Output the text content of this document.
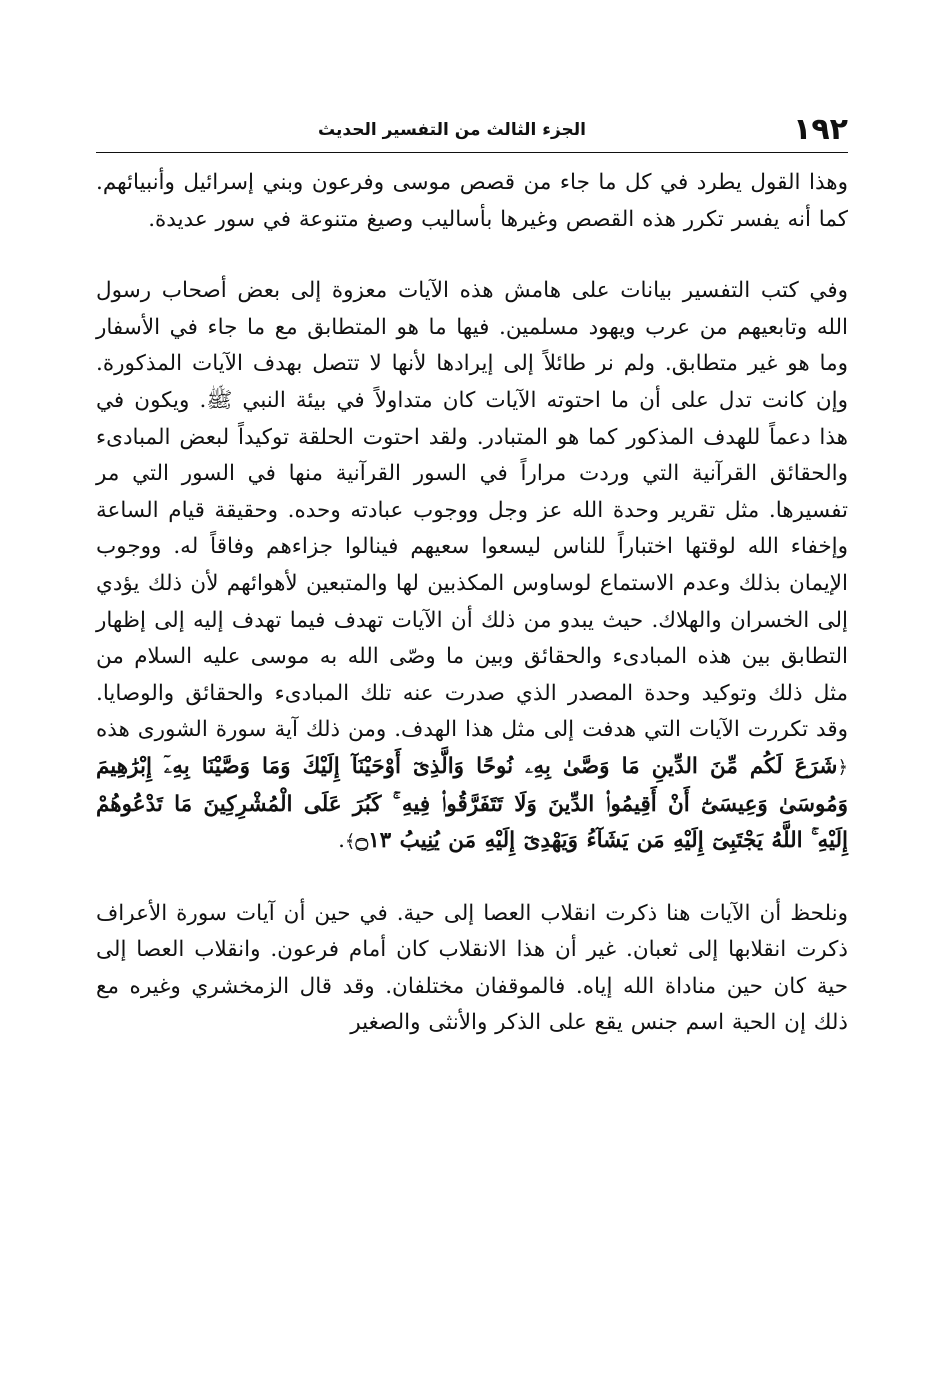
١٩٢
الجزء الثالث من التفسير الحديث

وهذا القول يطرد في كل ما جاء من قصص موسى وفرعون وبني إسرائيل وأنبيائهم. كما أنه يفسر تكرر هذه القصص وغيرها بأساليب وصيغ متنوعة في سور عديدة.

وفي كتب التفسير بيانات على هامش هذه الآيات معزوة إلى بعض أصحاب رسول الله وتابعيهم من عرب ويهود مسلمين. فيها ما هو المتطابق مع ما جاء في الأسفار وما هو غير متطابق. ولم نر طائلاً إلى إيرادها لأنها لا تتصل بهدف الآيات المذكورة. وإن كانت تدل على أن ما احتوته الآيات كان متداولاً في بيئة النبي ﷺ. ويكون في هذا دعماً للهدف المذكور كما هو المتبادر. ولقد احتوت الحلقة توكيداً لبعض المبادىء والحقائق القرآنية التي وردت مراراً في السور القرآنية منها في السور التي مر تفسيرها. مثل تقرير وحدة الله عز وجل ووجوب عبادته وحده. وحقيقة قيام الساعة وإخفاء الله لوقتها اختباراً للناس ليسعوا سعيهم فينالوا جزاءهم وفاقاً له. ووجوب الإيمان بذلك وعدم الاستماع لوساوس المكذبين لها والمتبعين لأهوائهم لأن ذلك يؤدي إلى الخسران والهلاك. حيث يبدو من ذلك أن الآيات تهدف فيما تهدف إليه إلى إظهار التطابق بين هذه المبادىء والحقائق وبين ما وصّى الله به موسى عليه السلام من مثل ذلك وتوكيد وحدة المصدر الذي صدرت عنه تلك المبادىء والحقائق والوصايا. وقد تكررت الآيات التي هدفت إلى مثل هذا الهدف. ومن ذلك آية سورة الشورى هذه ﴿شَرَعَ لَكُم مِّنَ الدِّينِ مَا وَصَّىٰ بِهِۦ نُوحًا وَالَّذِىٓ أَوْحَيْنَآ إِلَيْكَ وَمَا وَصَّيْنَا بِهِۦٓ إِبْرَٰهِيمَ وَمُوسَىٰ وَعِيسَىٰٓ أَنْ أَقِيمُوا۟ الدِّينَ وَلَا تَتَفَرَّقُوا۟ فِيهِ ۚ كَبُرَ عَلَى الْمُشْرِكِينَ مَا تَدْعُوهُمْ إِلَيْهِ ۚ اللَّهُ يَجْتَبِىٓ إِلَيْهِ مَن يَشَآءُ وَيَهْدِىٓ إِلَيْهِ مَن يُنِيبُ ۝١٣﴾.

ونلحظ أن الآيات هنا ذكرت انقلاب العصا إلى حية. في حين أن آيات سورة الأعراف ذكرت انقلابها إلى ثعبان. غير أن هذا الانقلاب كان أمام فرعون. وانقلاب العصا إلى حية كان حين مناداة الله إياه. فالموقفان مختلفان. وقد قال الزمخشري وغيره مع ذلك إن الحية اسم جنس يقع على الذكر والأنثى والصغير
